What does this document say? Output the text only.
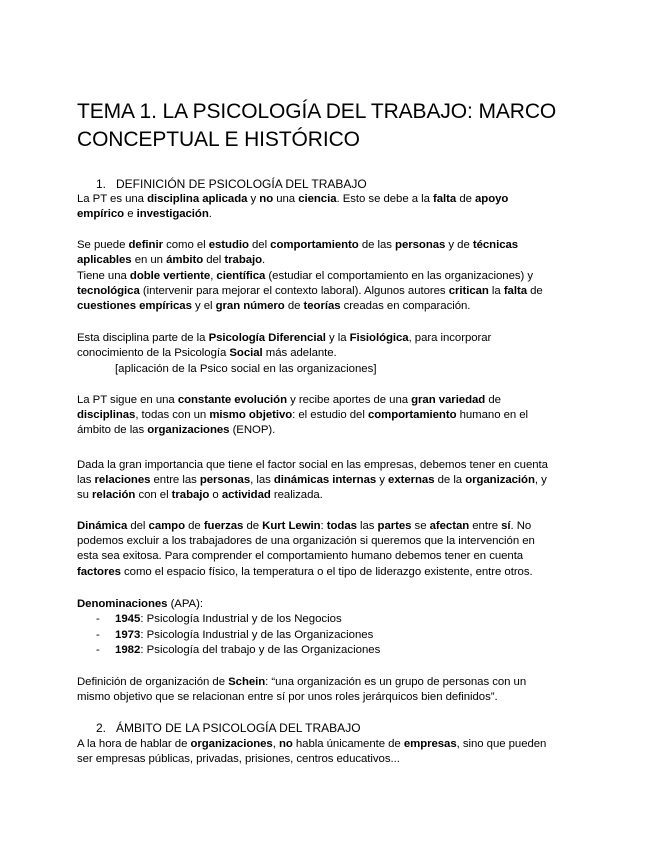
TEMA 1. LA PSICOLOGÍA DEL TRABAJO: MARCO CONCEPTUAL E HISTÓRICO
1. DEFINICIÓN DE PSICOLOGÍA DEL TRABAJO
La PT es una disciplina aplicada y no una ciencia. Esto se debe a la falta de apoyo empírico e investigación.
Se puede definir como el estudio del comportamiento de las personas y de técnicas aplicables en un ámbito del trabajo.
Tiene una doble vertiente, científica (estudiar el comportamiento en las organizaciones) y tecnológica (intervenir para mejorar el contexto laboral). Algunos autores critican la falta de cuestiones empíricas y el gran número de teorías creadas en comparación.
Esta disciplina parte de la Psicología Diferencial y la Fisiológica, para incorporar conocimiento de la Psicología Social más adelante.
[aplicación de la Psico social en las organizaciones]
La PT sigue en una constante evolución y recibe aportes de una gran variedad de disciplinas, todas con un mismo objetivo: el estudio del comportamiento humano en el ámbito de las organizaciones (ENOP).
Dada la gran importancia que tiene el factor social en las empresas, debemos tener en cuenta las relaciones entre las personas, las dinámicas internas y externas de la organización, y su relación con el trabajo o actividad realizada.
Dinámica del campo de fuerzas de Kurt Lewin: todas las partes se afectan entre sí. No podemos excluir a los trabajadores de una organización si queremos que la intervención en esta sea exitosa. Para comprender el comportamiento humano debemos tener en cuenta factores como el espacio físico, la temperatura o el tipo de liderazgo existente, entre otros.
Denominaciones (APA):
- 1945: Psicología Industrial y de los Negocios
- 1973: Psicología Industrial y de las Organizaciones
- 1982: Psicología del trabajo y de las Organizaciones
Definición de organización de Schein: “una organización es un grupo de personas con un mismo objetivo que se relacionan entre sí por unos roles jerárquicos bien definidos”.
2. ÁMBITO DE LA PSICOLOGÍA DEL TRABAJO
A la hora de hablar de organizaciones, no habla únicamente de empresas, sino que pueden ser empresas públicas, privadas, prisiones, centros educativos...
